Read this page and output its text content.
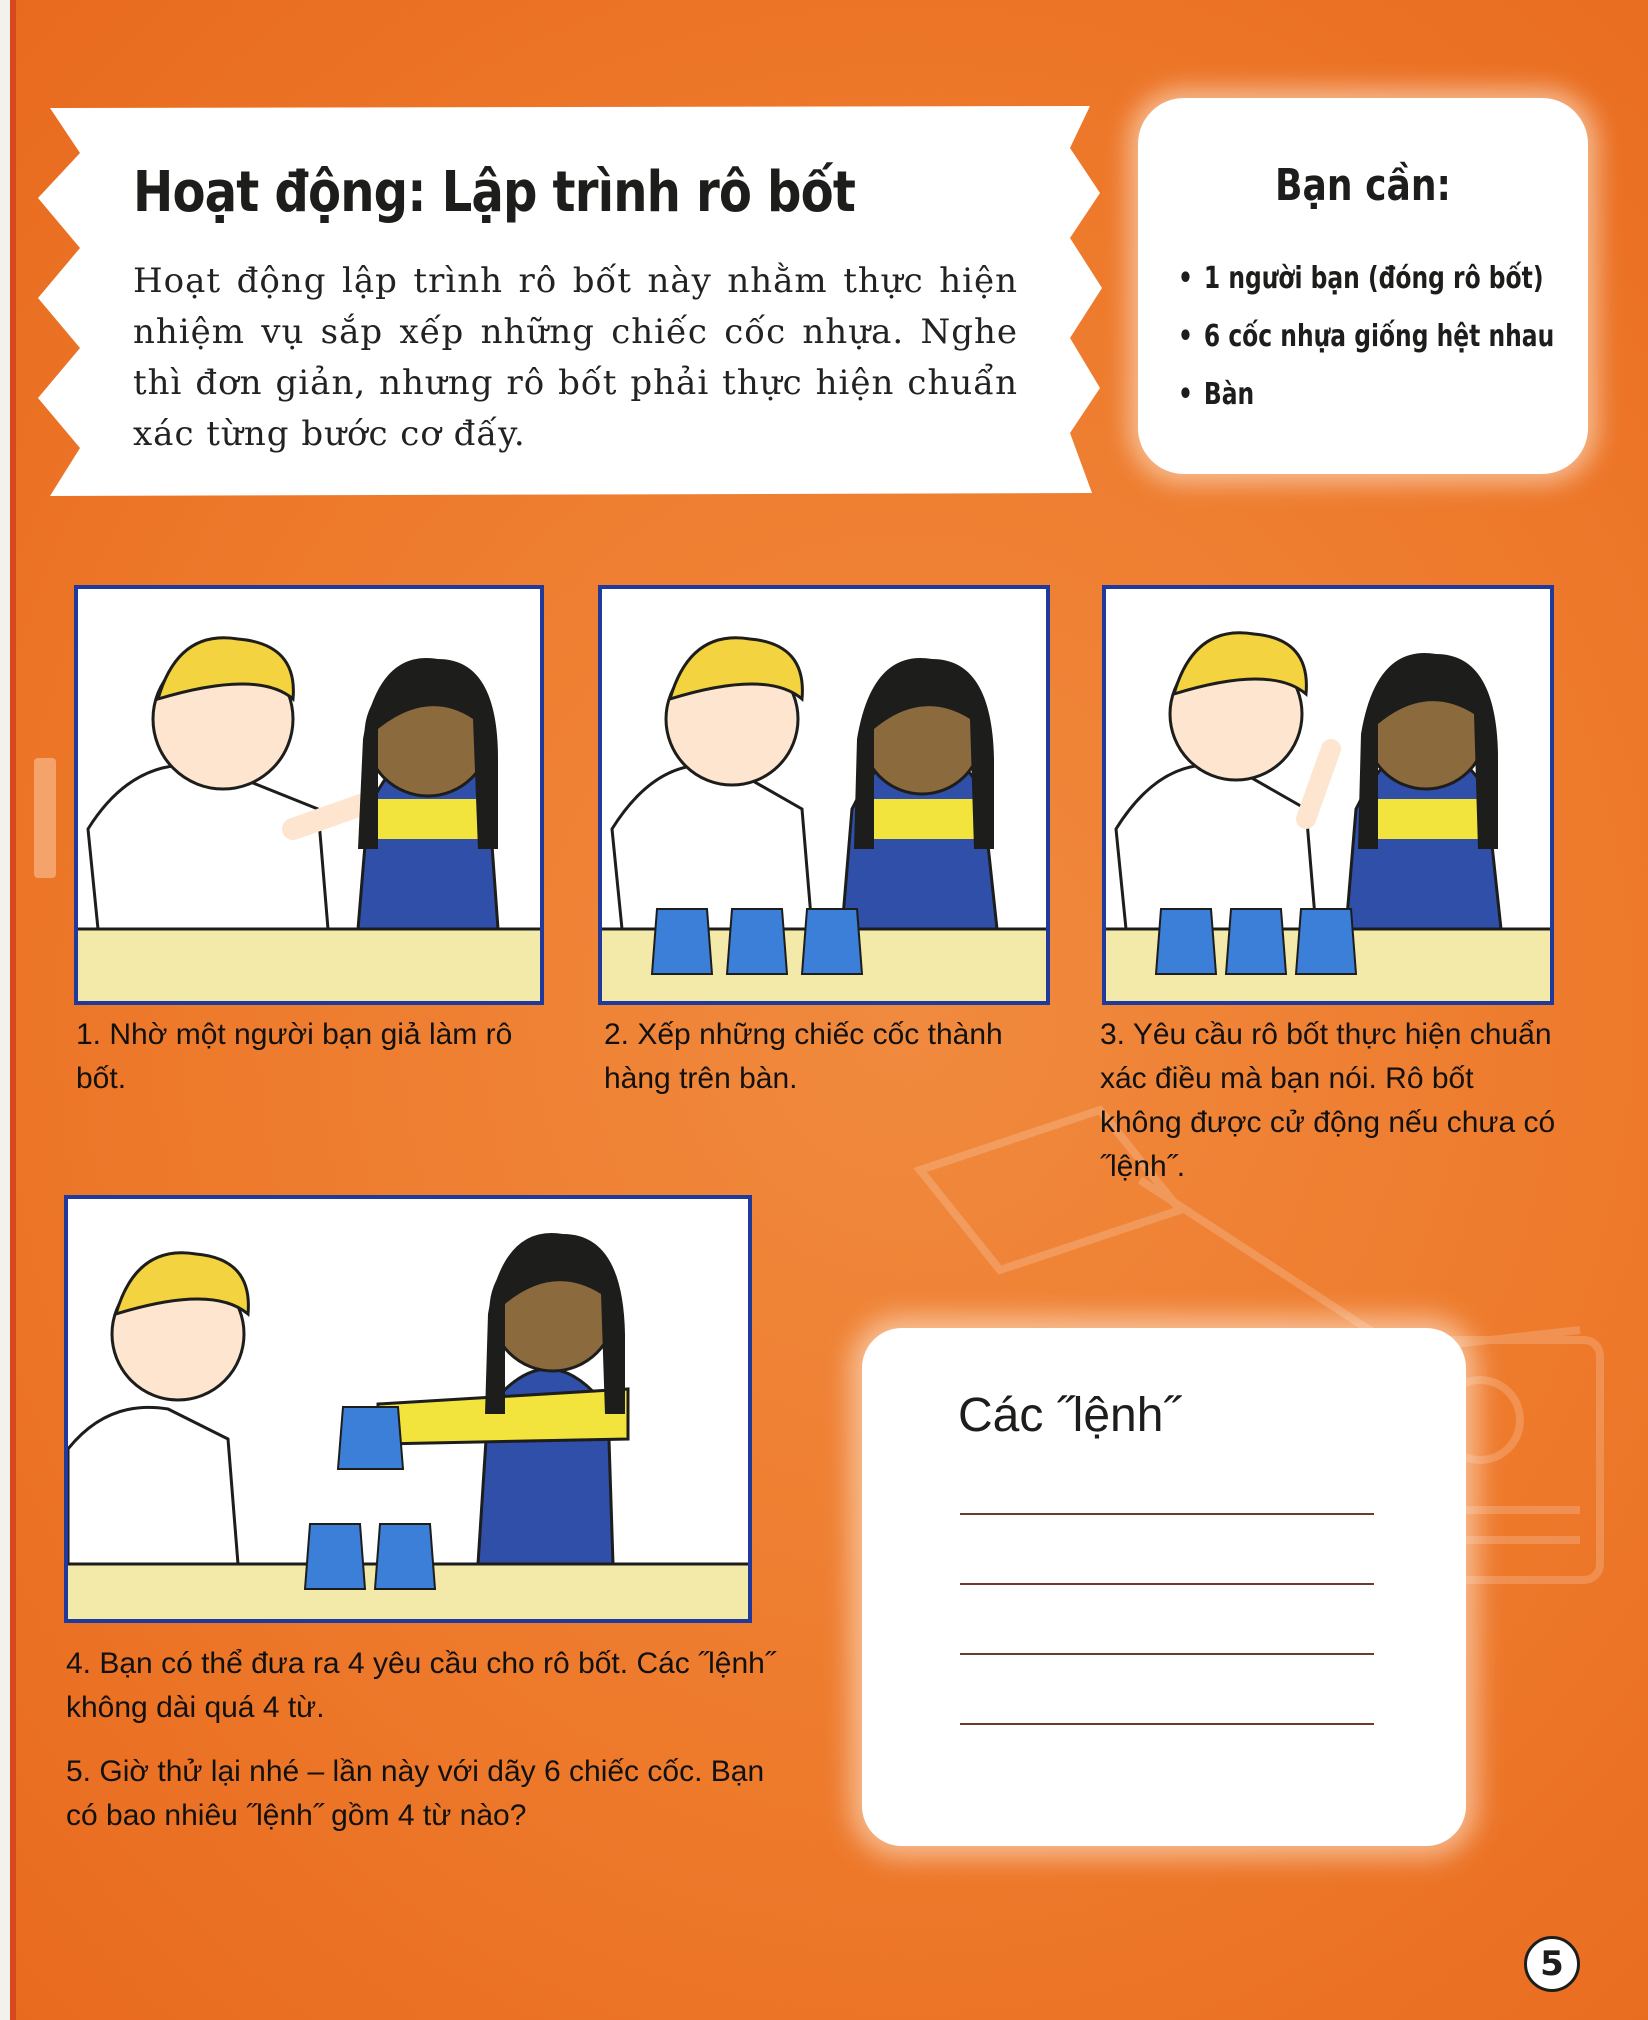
Hoạt động: Lập trình rô bốt
Hoạt động lập trình rô bốt này nhằm thực hiện nhiệm vụ sắp xếp những chiếc cốc nhựa. Nghe thì đơn giản, nhưng rô bốt phải thực hiện chuẩn xác từng bước cơ đấy.
Bạn cần:
• 1 người bạn (đóng rô bốt)
• 6 cốc nhựa giống hệt nhau
• Bàn
1. Nhờ một người bạn giả làm rô bốt.
2. Xếp những chiếc cốc thành hàng trên bàn.
3. Yêu cầu rô bốt thực hiện chuẩn xác điều mà bạn nói. Rô bốt không được cử động nếu chưa có ˝lệnh˝.
4. Bạn có thể đưa ra 4 yêu cầu cho rô bốt. Các ˝lệnh˝ không dài quá 4 từ.
5. Giờ thử lại nhé – lần này với dãy 6 chiếc cốc. Bạn có bao nhiêu ˝lệnh˝ gồm 4 từ nào?
Các ˝lệnh˝
5
